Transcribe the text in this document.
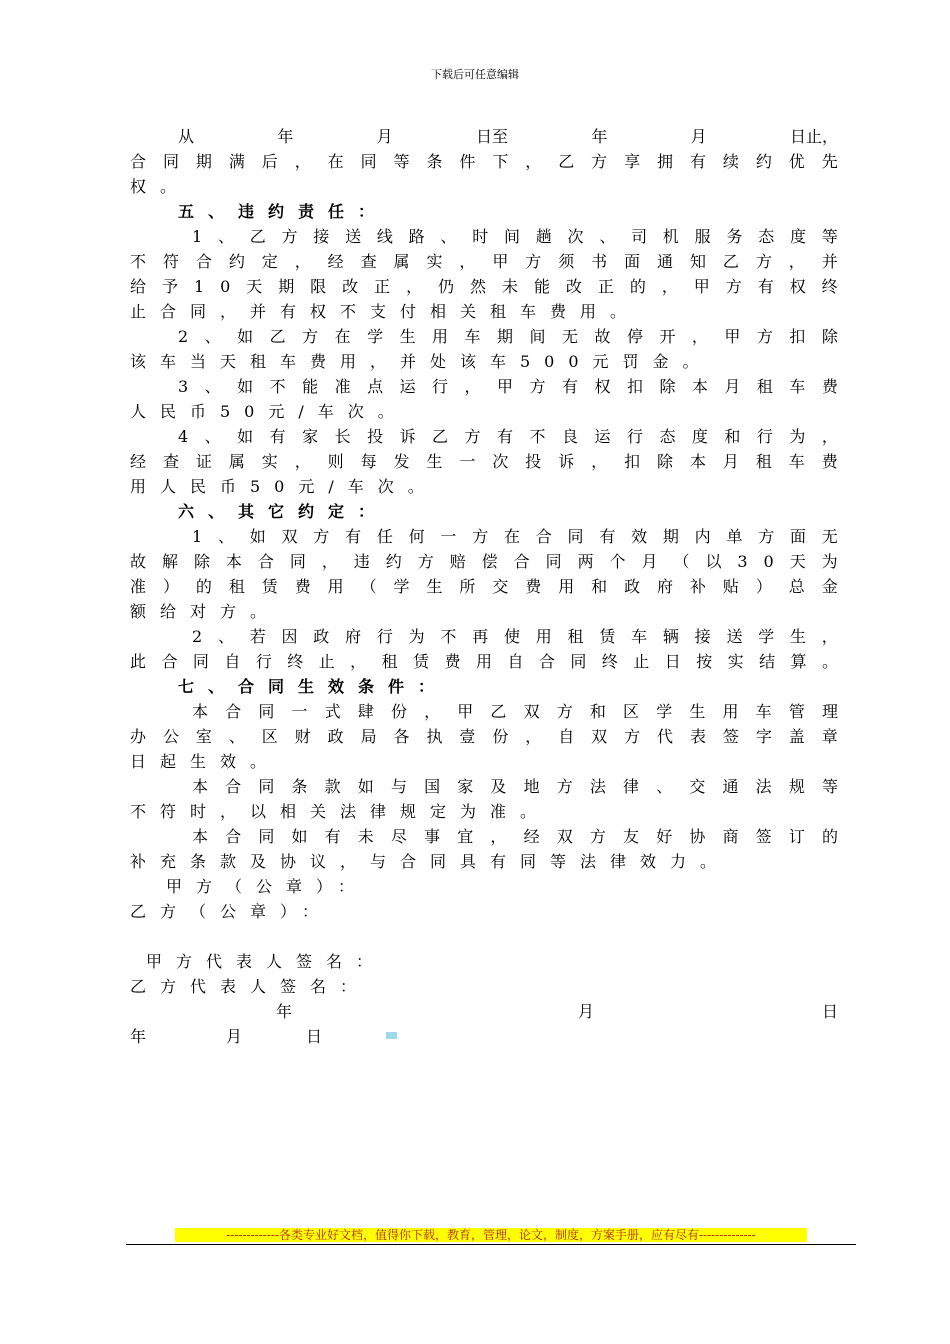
下载后可任意编辑
从	年	月	日至	年	月	日止，
合 同 期 满 后 ， 在 同 等 条 件 下 ， 乙 方 享 拥 有 续 约 优 先
权。
五、违约责任：
1 、 乙 方 接 送 线 路 、 时 间 趟 次 、 司 机 服 务 态 度 等
不 符 合 约 定 ， 经 查 属 实 ， 甲 方 须 书 面 通 知 乙 方 ， 并
给 予 1 0 天 期 限 改 正 ， 仍 然 未 能 改 正 的 ， 甲 方 有 权 终
止合同，并有权不支付相关租车费用。
2 、 如 乙 方 在 学 生 用 车 期 间 无 故 停 开 ， 甲 方 扣 除
该车当天租车费用，并处该车500元罚金。
3 、 如 不 能 准 点 运 行 ， 甲 方 有 权 扣 除 本 月 租 车 费
人民币50元/车次。
4 、 如 有 家 长 投 诉 乙 方 有 不 良 运 行 态 度 和 行 为 ，
经 查 证 属 实 ， 则 每 发 生 一 次 投 诉 ， 扣 除 本 月 租 车 费
用人民币50元/车次。
六、其它约定：
1 、 如 双 方 有 任 何 一 方 在 合 同 有 效 期 内 单 方 面 无
故 解 除 本 合 同 ， 违 约 方 赔 偿 合 同 两 个 月 （ 以 3 0 天 为
准 ） 的 租 赁 费 用 （ 学 生 所 交 费 用 和 政 府 补 贴 ） 总 金
额给对方。
2 、 若 因 政 府 行 为 不 再 使 用 租 赁 车 辆 接 送 学 生 ，
此 合 同 自 行 终 止 ， 租 赁 费 用 自 合 同 终 止 日 按 实 结 算 。
七、合同生效条件：
本 合 同 一 式 肆 份 ， 甲 乙 双 方 和 区 学 生 用 车 管 理
办 公 室 、 区 财 政 局 各 执 壹 份 ， 自 双 方 代 表 签 字 盖 章
日起生效。
本 合 同 条 款 如 与 国 家 及 地 方 法 律 、 交 通 法 规 等
不符时，以相关法律规定为准。
本 合 同 如 有 未 尽 事 宜 ， 经 双 方 友 好 协 商 签 订 的
补充条款及协议，与合同具有同等法律效力。
甲方（公章）：
乙方（公章）：
甲方代表人签名：
乙方代表人签名：
年	月	日
年	月	日
-------------各类专业好文档，值得你下载，教育，管理，论文，制度，方案手册，应有尽有--------------
